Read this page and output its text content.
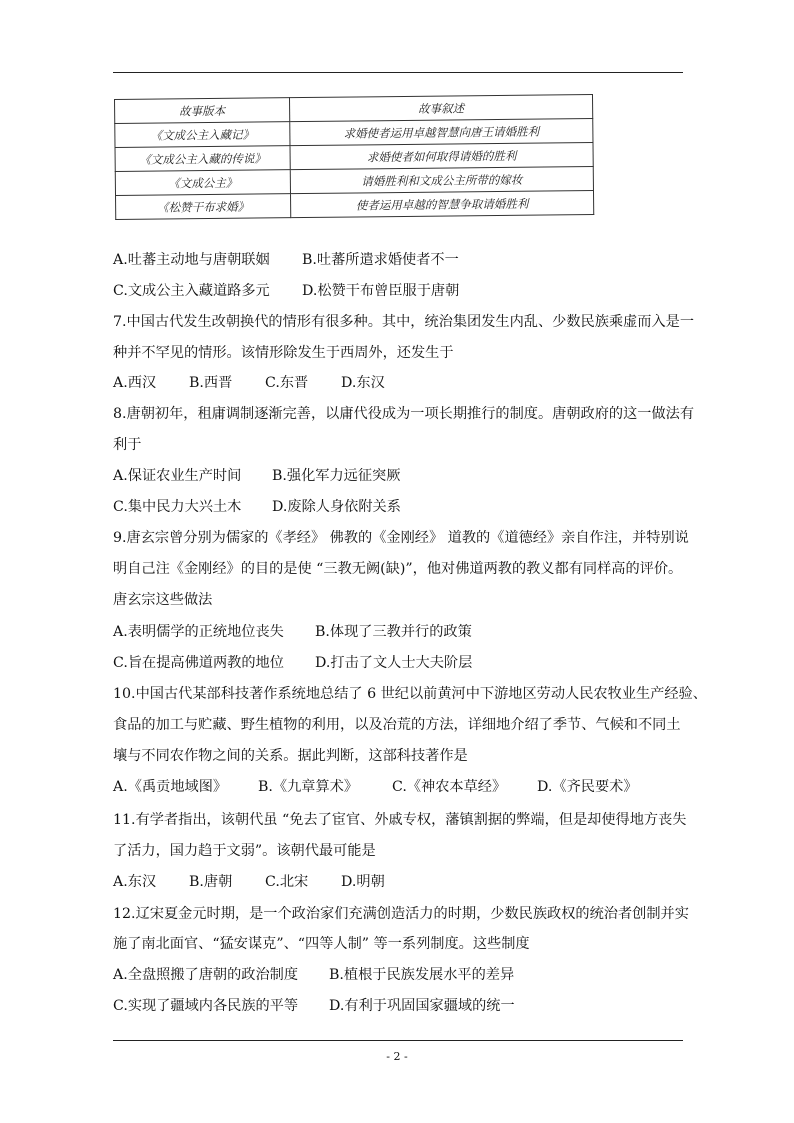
故事版本	故事叙述
《文成公主入藏记》	求婚使者运用卓越智慧向唐王请婚胜利
《文成公主入藏的传说》	求婚使者如何取得请婚的胜利
《文成公主》	请婚胜利和文成公主所带的嫁妆
《松赞干布求婚》	使者运用卓越的智慧争取请婚胜利
A.吐蕃主动地与唐朝联姻 B.吐蕃所遣求婚使者不一
C.文成公主入藏道路多元 D.松赞干布曾臣服于唐朝
7.中国古代发生改朝换代的情形有很多种。其中，统治集团发生内乱、少数民族乘虚而入是一
种并不罕见的情形。该情形除发生于西周外，还发生于
A.西汉 B.西晋 C.东晋 D.东汉
8.唐朝初年，租庸调制逐渐完善，以庸代役成为一项长期推行的制度。唐朝政府的这一做法有
利于
A.保证农业生产时间 B.强化军力远征突厥
C.集中民力大兴土木 D.废除人身依附关系
9.唐玄宗曾分别为儒家的《孝经》 佛教的《金刚经》 道教的《道德经》亲自作注，并特别说
明自己注《金刚经》的目的是使 “三教无阙(缺)”，他对佛道两教的教义都有同样高的评价。
唐玄宗这些做法
A.表明儒学的正统地位丧失 B.体现了三教并行的政策
C.旨在提高佛道两教的地位 D.打击了文人士大夫阶层
10.中国古代某部科技著作系统地总结了 6 世纪以前黄河中下游地区劳动人民农牧业生产经验、
食品的加工与贮藏、野生植物的利用，以及冶荒的方法，详细地介绍了季节、气候和不同土
壤与不同农作物之间的关系。据此判断，这部科技著作是
A.《禹贡地域图》 B.《九章算术》 C.《神农本草经》 D.《齐民要术》
11.有学者指出，该朝代虽 “免去了宦官、外戚专权，藩镇割据的弊端，但是却使得地方丧失
了活力，国力趋于文弱”。该朝代最可能是
A.东汉 B.唐朝 C.北宋 D.明朝
12.辽宋夏金元时期，是一个政治家们充满创造活力的时期，少数民族政权的统治者创制并实
施了南北面官、“猛安谋克”、“四等人制” 等一系列制度。这些制度
A.全盘照搬了唐朝的政治制度 B.植根于民族发展水平的差异
C.实现了疆域内各民族的平等 D.有利于巩固国家疆域的统一
- 2 -
